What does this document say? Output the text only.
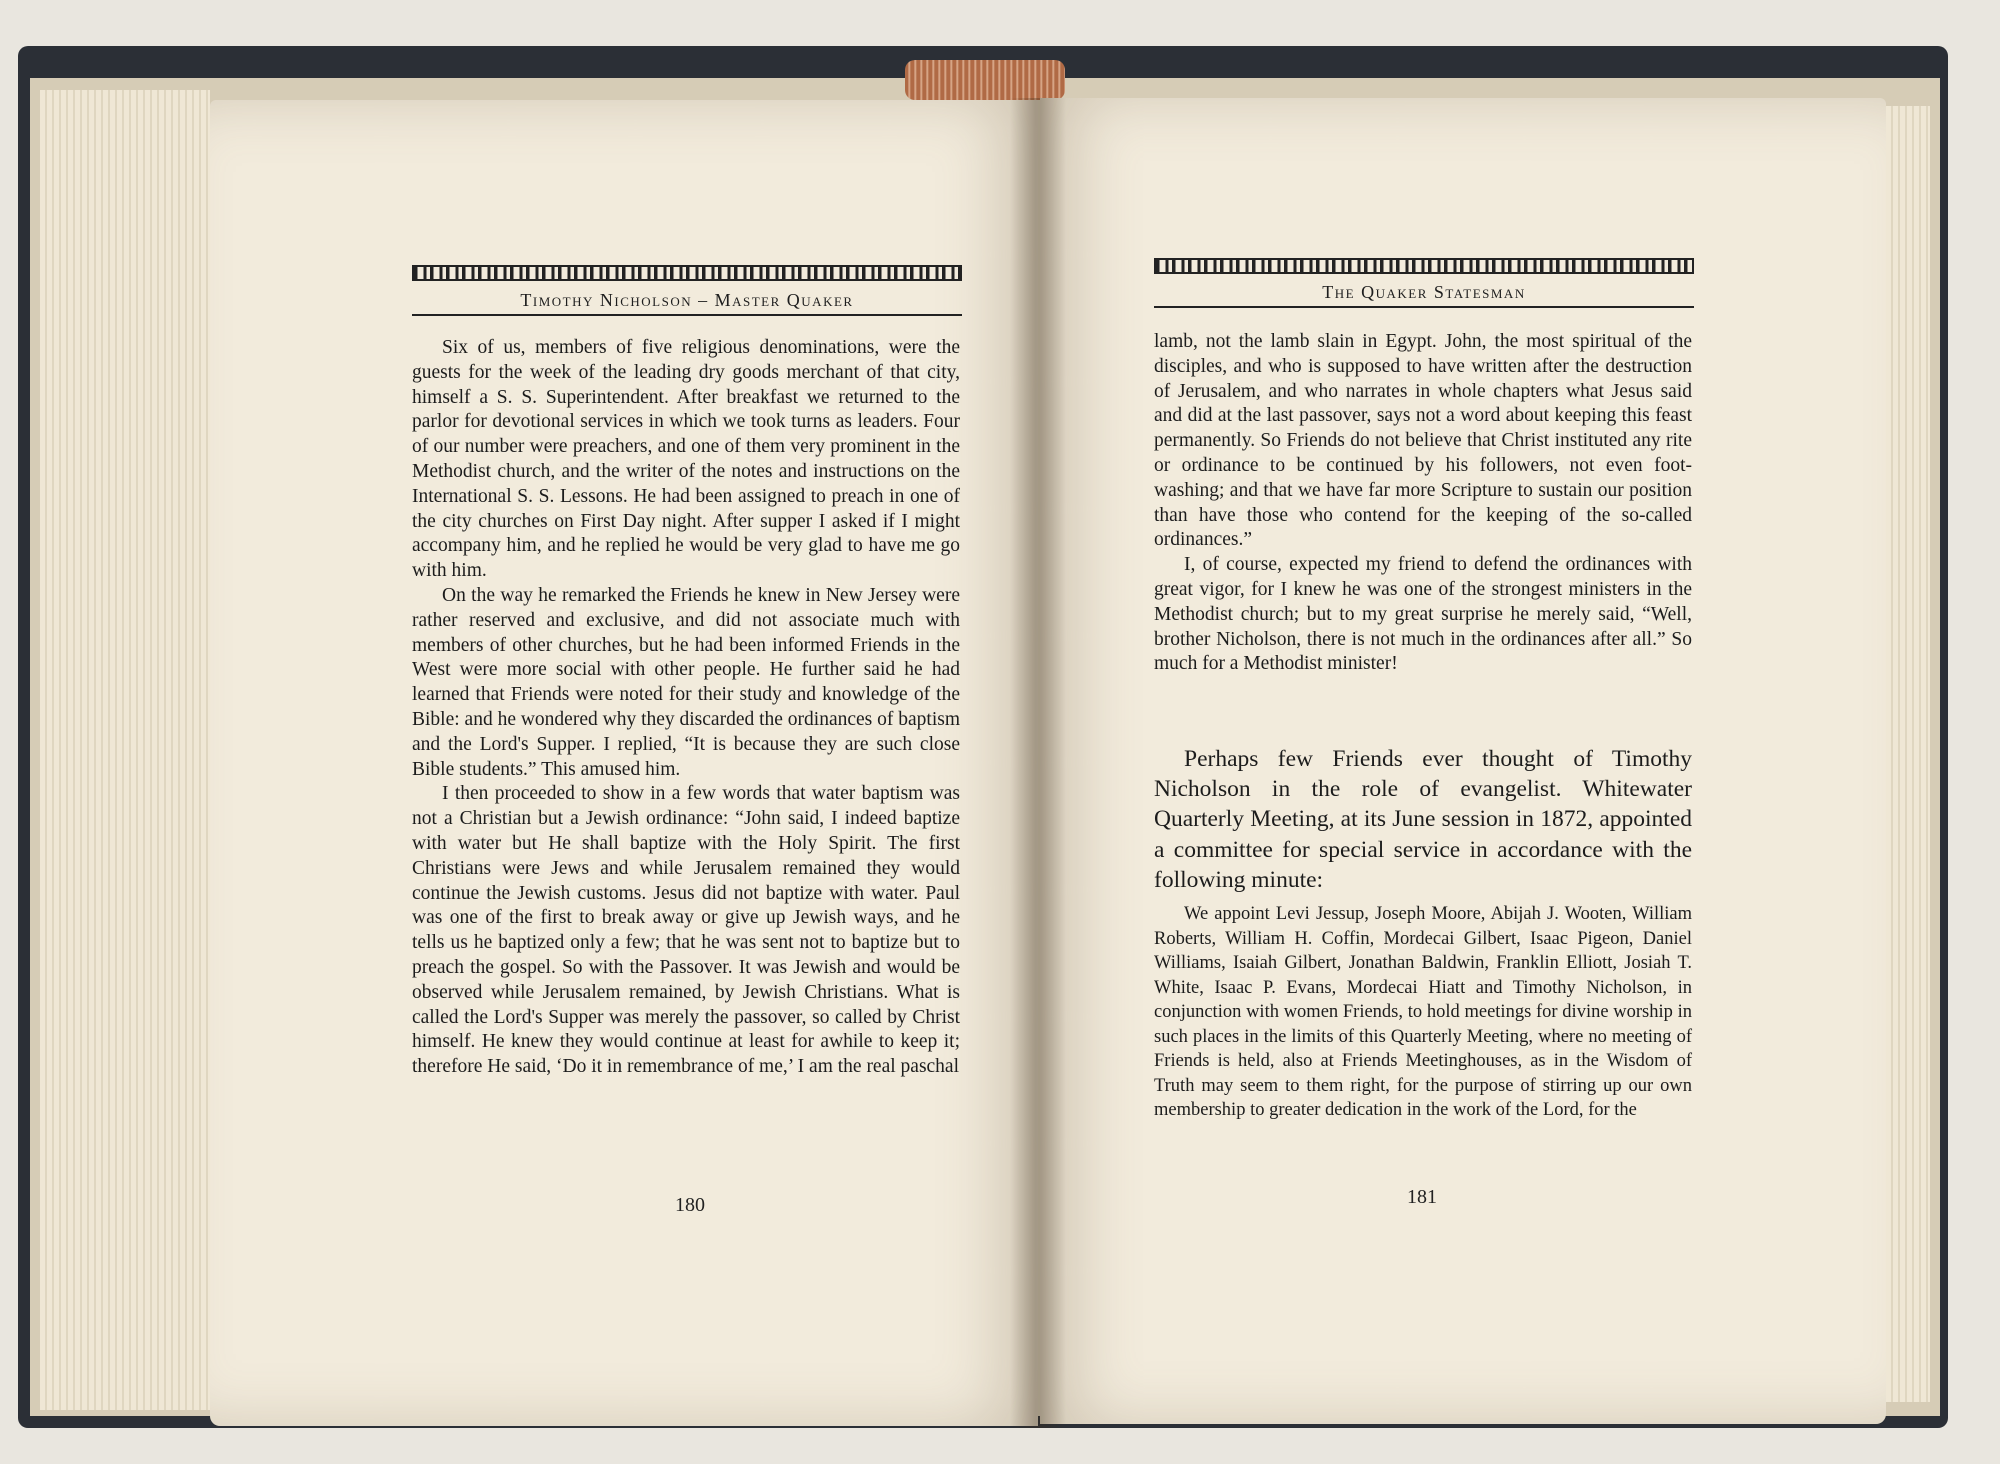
Timothy Nicholson – Master Quaker

Six of us, members of five religious denominations, were the guests for the week of the leading dry goods merchant of that city, himself a S. S. Superintendent. After breakfast we returned to the parlor for devotional services in which we took turns as leaders. Four of our number were preachers, and one of them very prominent in the Methodist church, and the writer of the notes and instructions on the International S. S. Lessons. He had been assigned to preach in one of the city churches on First Day night. After supper I asked if I might accompany him, and he replied he would be very glad to have me go with him.

On the way he remarked the Friends he knew in New Jersey were rather reserved and exclusive, and did not associate much with members of other churches, but he had been informed Friends in the West were more social with other people. He further said he had learned that Friends were noted for their study and knowledge of the Bible: and he wondered why they discarded the ordinances of baptism and the Lord's Supper. I replied, “It is because they are such close Bible students.” This amused him.

I then proceeded to show in a few words that water baptism was not a Christian but a Jewish ordinance: “John said, I indeed baptize with water but He shall baptize with the Holy Spirit. The first Christians were Jews and while Jerusalem remained they would continue the Jewish customs. Jesus did not baptize with water. Paul was one of the first to break away or give up Jewish ways, and he tells us he baptized only a few; that he was sent not to baptize but to preach the gospel. So with the Passover. It was Jewish and would be observed while Jerusalem remained, by Jewish Christians. What is called the Lord's Supper was merely the passover, so called by Christ himself. He knew they would continue at least for awhile to keep it; therefore He said, ‘Do it in remembrance of me,’ I am the real paschal

180
The Quaker Statesman

lamb, not the lamb slain in Egypt. John, the most spiritual of the disciples, and who is supposed to have written after the destruction of Jerusalem, and who narrates in whole chapters what Jesus said and did at the last passover, says not a word about keeping this feast permanently. So Friends do not believe that Christ instituted any rite or ordinance to be continued by his followers, not even foot-washing; and that we have far more Scripture to sustain our position than have those who contend for the keeping of the so-called ordinances.”

I, of course, expected my friend to defend the ordinances with great vigor, for I knew he was one of the strongest ministers in the Methodist church; but to my great surprise he merely said, “Well, brother Nicholson, there is not much in the ordinances after all.” So much for a Methodist minister!

Perhaps few Friends ever thought of Timothy Nicholson in the role of evangelist. Whitewater Quarterly Meeting, at its June session in 1872, appointed a committee for special service in accordance with the following minute:

We appoint Levi Jessup, Joseph Moore, Abijah J. Wooten, William Roberts, William H. Coffin, Mordecai Gilbert, Isaac Pigeon, Daniel Williams, Isaiah Gilbert, Jonathan Baldwin, Franklin Elliott, Josiah T. White, Isaac P. Evans, Mordecai Hiatt and Timothy Nicholson, in conjunction with women Friends, to hold meetings for divine worship in such places in the limits of this Quarterly Meeting, where no meeting of Friends is held, also at Friends Meetinghouses, as in the Wisdom of Truth may seem to them right, for the purpose of stirring up our own membership to greater dedication in the work of the Lord, for the

181
